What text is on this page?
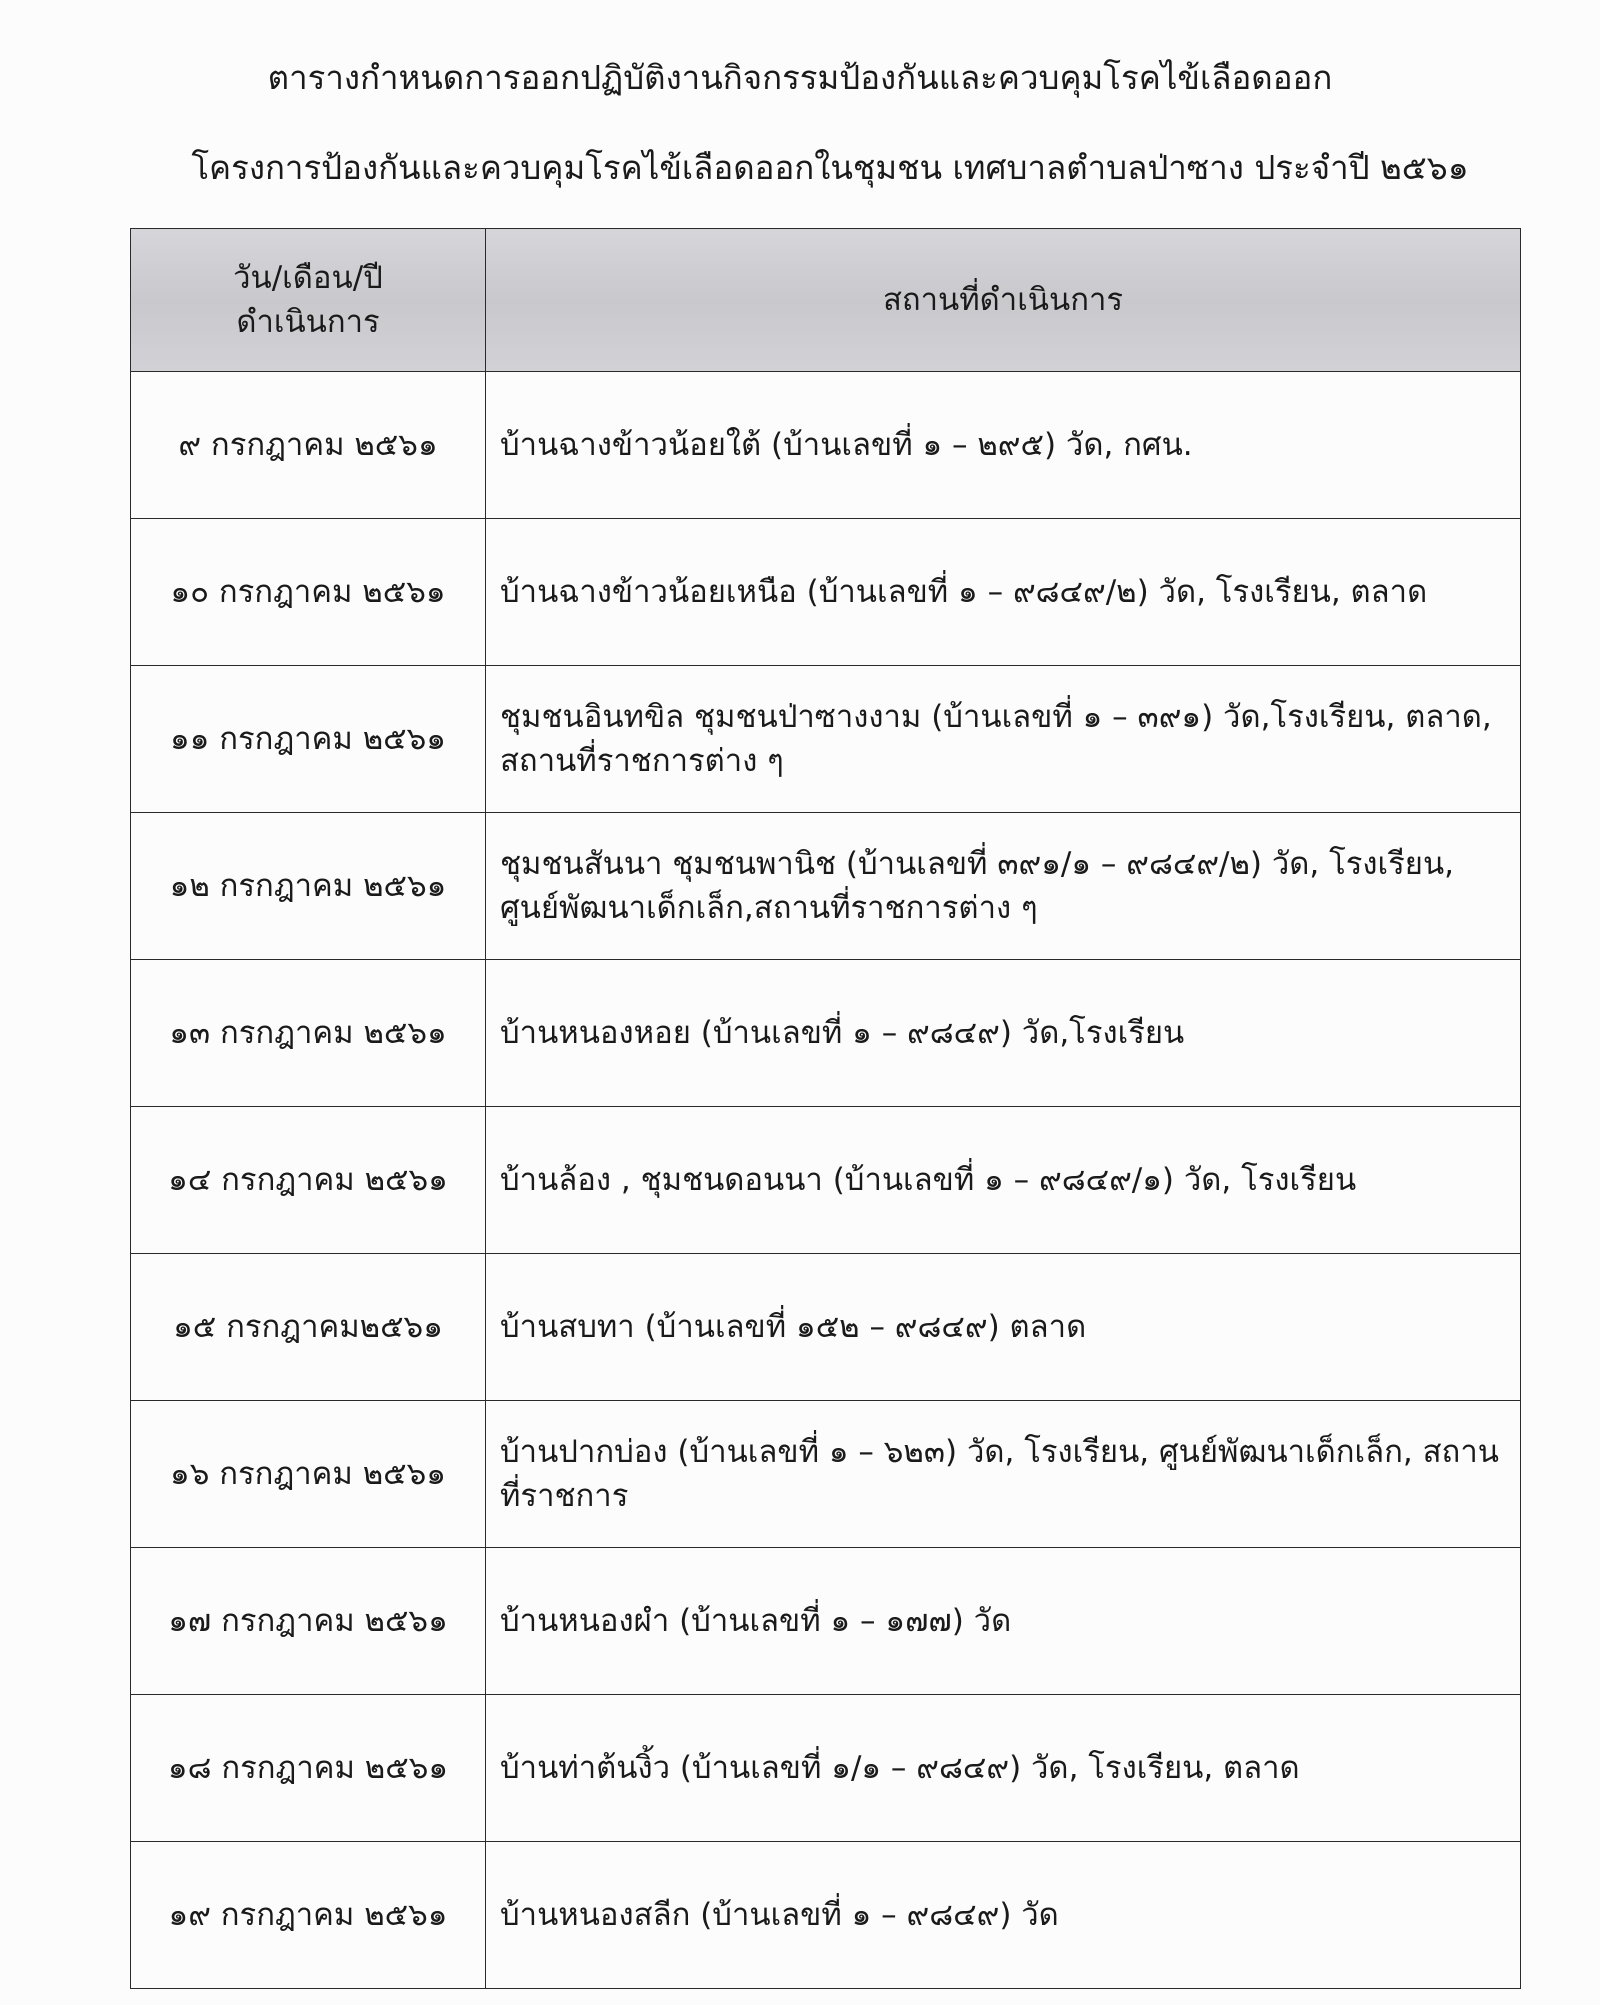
ตารางกำหนดการออกปฏิบัติงานกิจกรรมป้องกันและควบคุมโรคไข้เลือดออก
โครงการป้องกันและควบคุมโรคไข้เลือดออกในชุมชน เทศบาลตำบลป่าซาง ประจำปี ๒๕๖๑
วัน/เดือน/ปี
ดำเนินการ	สถานที่ดำเนินการ
๙ กรกฎาคม ๒๕๖๑	บ้านฉางข้าวน้อยใต้ (บ้านเลขที่ ๑ – ๒๙๕) วัด, กศน.
๑๐ กรกฎาคม ๒๕๖๑	บ้านฉางข้าวน้อยเหนือ (บ้านเลขที่ ๑ – ๙๘๔๙/๒) วัด, โรงเรียน, ตลาด
๑๑ กรกฎาคม ๒๕๖๑	ชุมชนอินทขิล ชุมชนป่าซางงาม (บ้านเลขที่ ๑ – ๓๙๑) วัด,โรงเรียน, ตลาด, สถานที่ราชการต่าง ๆ
๑๒ กรกฎาคม ๒๕๖๑	ชุมชนสันนา ชุมชนพานิช (บ้านเลขที่ ๓๙๑/๑ – ๙๘๔๙/๒) วัด, โรงเรียน, ศูนย์พัฒนาเด็กเล็ก,สถานที่ราชการต่าง ๆ
๑๓ กรกฎาคม ๒๕๖๑	บ้านหนองหอย (บ้านเลขที่ ๑ – ๙๘๔๙) วัด,โรงเรียน
๑๔ กรกฎาคม ๒๕๖๑	บ้านล้อง , ชุมชนดอนนา (บ้านเลขที่ ๑ – ๙๘๔๙/๑) วัด, โรงเรียน
๑๕ กรกฎาคม๒๕๖๑	บ้านสบทา (บ้านเลขที่ ๑๕๒ – ๙๘๔๙) ตลาด
๑๖ กรกฎาคม ๒๕๖๑	บ้านปากบ่อง (บ้านเลขที่ ๑ – ๖๒๓) วัด, โรงเรียน, ศูนย์พัฒนาเด็กเล็ก, สถานที่ราชการ
๑๗ กรกฎาคม ๒๕๖๑	บ้านหนองผำ (บ้านเลขที่ ๑ – ๑๗๗) วัด
๑๘ กรกฎาคม ๒๕๖๑	บ้านท่าต้นงิ้ว (บ้านเลขที่ ๑/๑ – ๙๘๔๙) วัด, โรงเรียน, ตลาด
๑๙ กรกฎาคม ๒๕๖๑	บ้านหนองสลีก (บ้านเลขที่ ๑ – ๙๘๔๙) วัด
